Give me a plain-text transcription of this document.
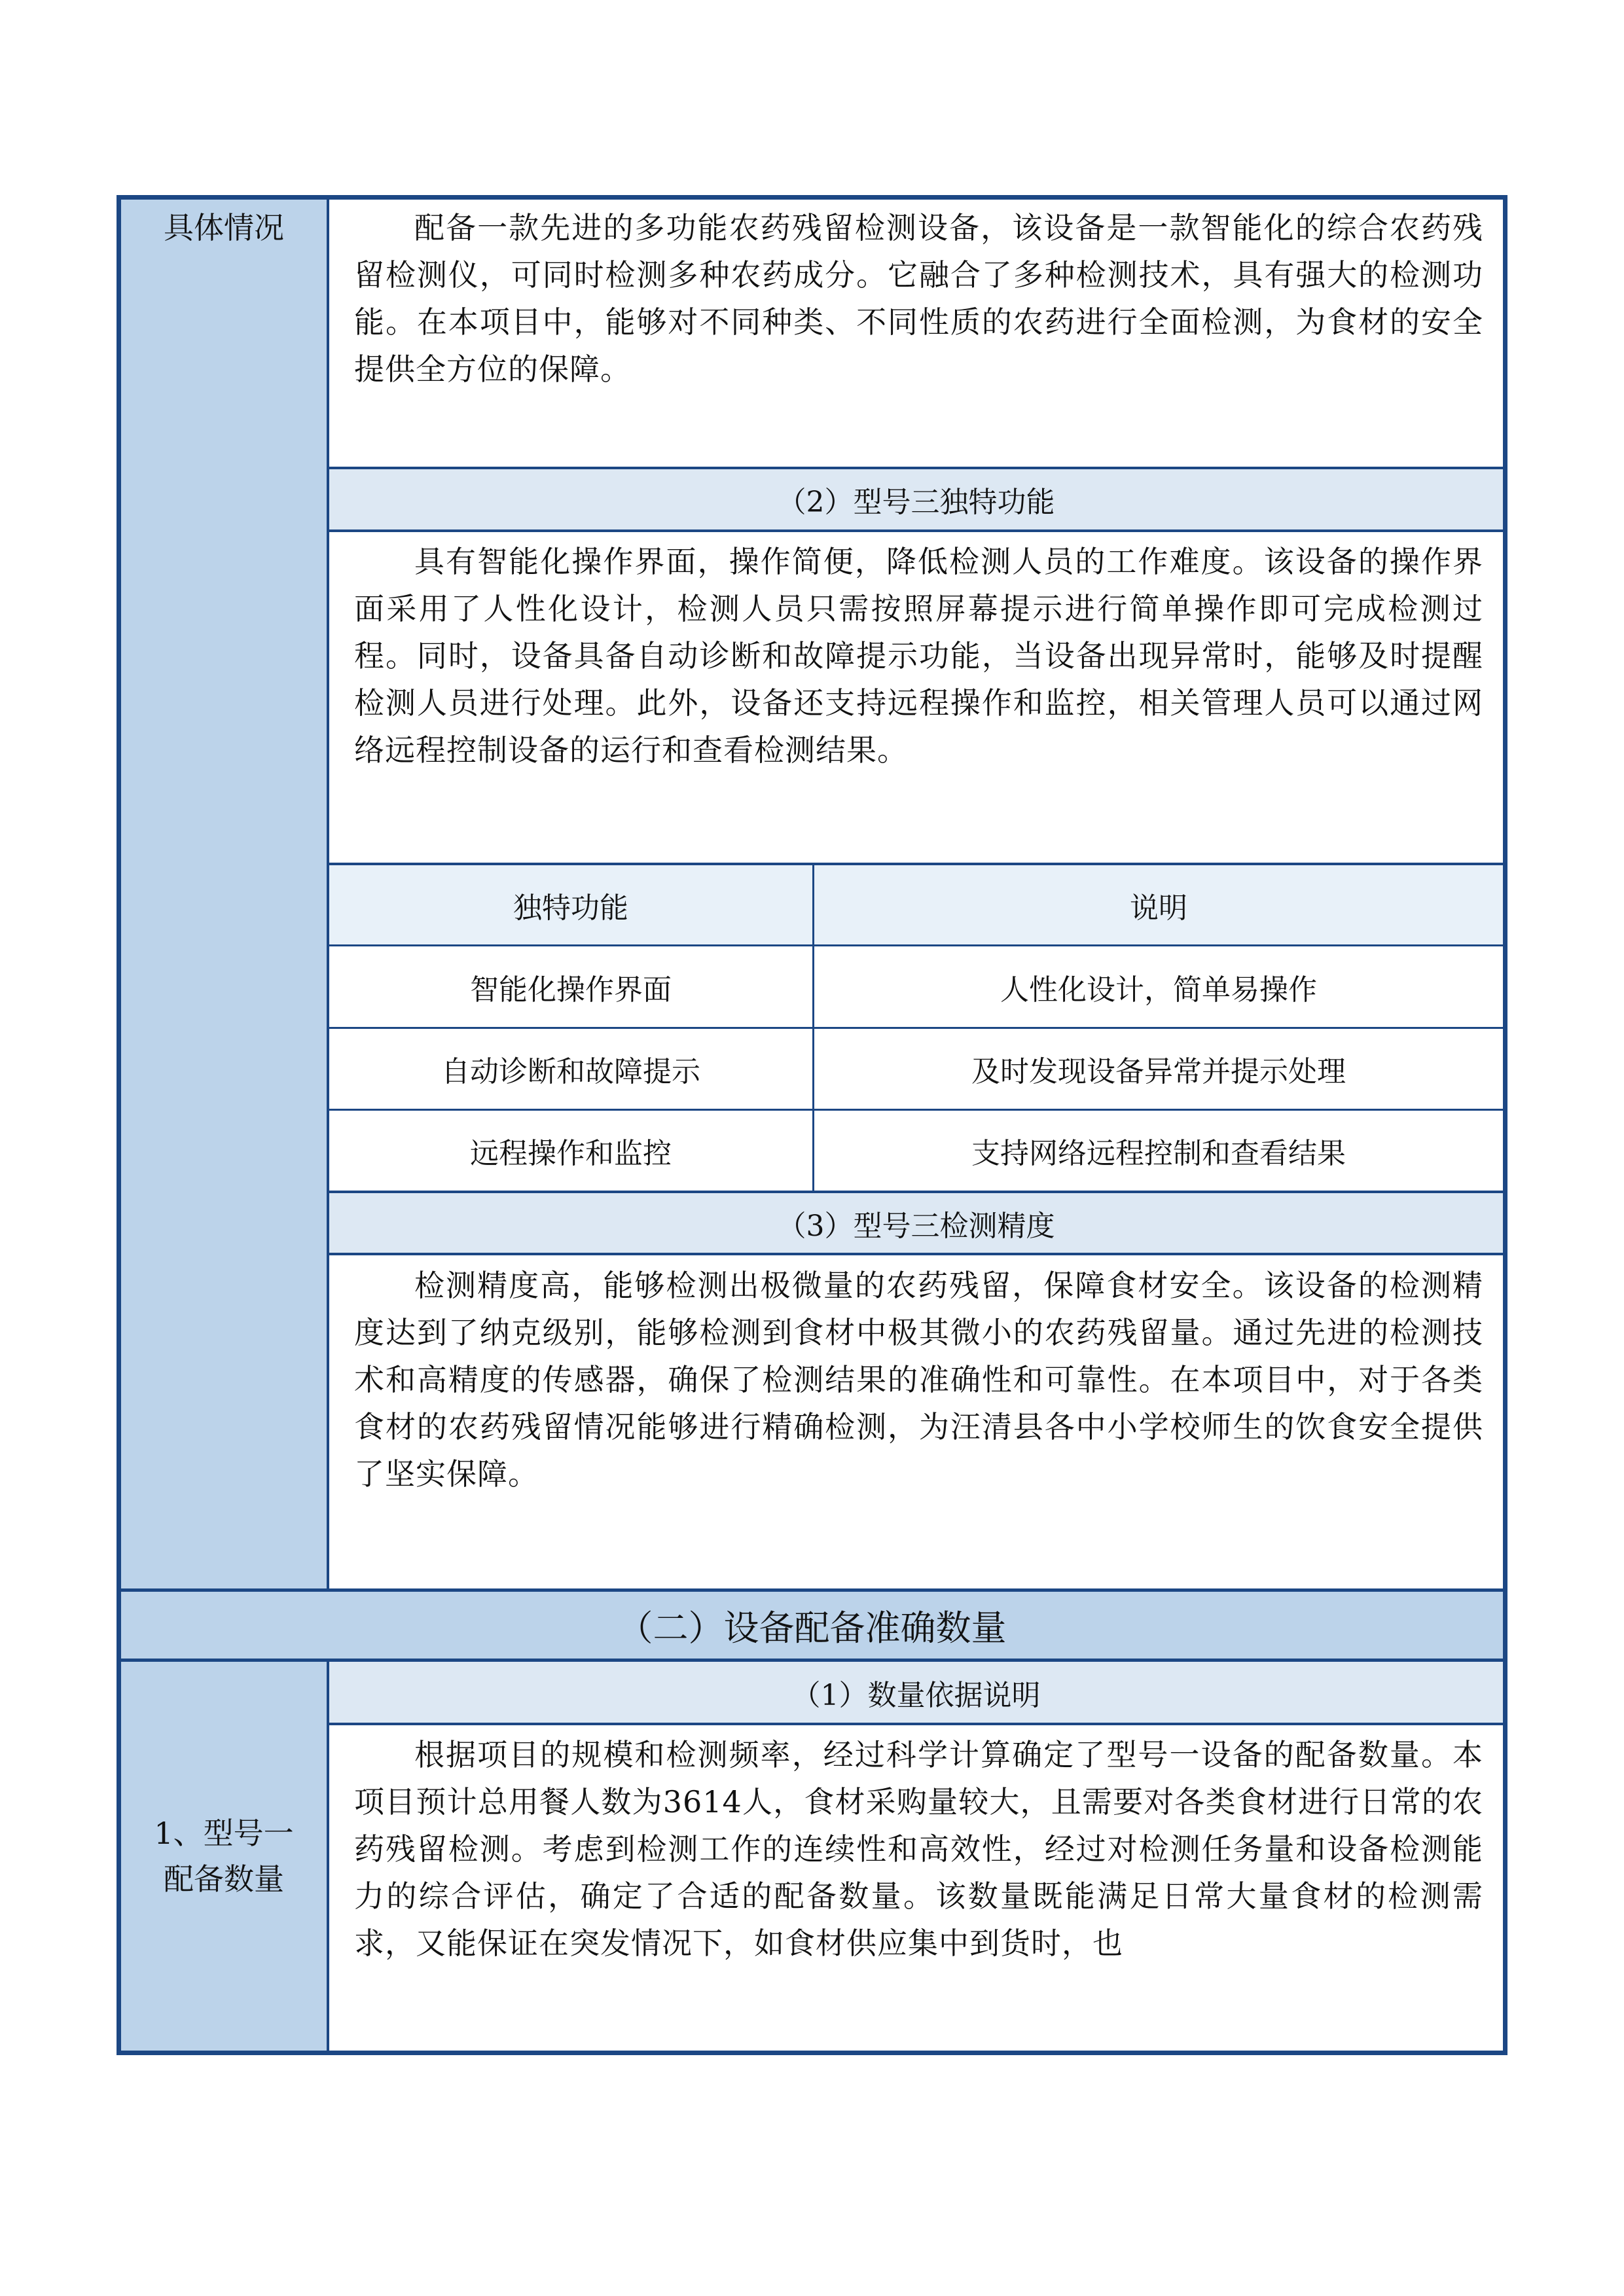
具体情况	配备一款先进的多功能农药残留检测设备，该设备是一款智能化的综合农药残留检测仪，可同时检测多种农药成分。它融合了多种检测技术，具有强大的检测功能。在本项目中，能够对不同种类、不同性质的农药进行全面检测，为食材的安全提供全方位的保障。
（2）型号三独特功能
具有智能化操作界面，操作简便，降低检测人员的工作难度。该设备的操作界面采用了人性化设计，检测人员只需按照屏幕提示进行简单操作即可完成检测过程。同时，设备具备自动诊断和故障提示功能，当设备出现异常时，能够及时提醒检测人员进行处理。此外，设备还支持远程操作和监控，相关管理人员可以通过网络远程控制设备的运行和查看检测结果。
独特功能	说明
智能化操作界面	人性化设计，简单易操作
自动诊断和故障提示	及时发现设备异常并提示处理
远程操作和监控	支持网络远程控制和查看结果
（3）型号三检测精度
检测精度高，能够检测出极微量的农药残留，保障食材安全。该设备的检测精度达到了纳克级别，能够检测到食材中极其微小的农药残留量。通过先进的检测技术和高精度的传感器，确保了检测结果的准确性和可靠性。在本项目中，对于各类食材的农药残留情况能够进行精确检测，为汪清县各中小学校师生的饮食安全提供了坚实保障。
（二）设备配备准确数量
1、型号一配备数量
（1）数量依据说明
根据项目的规模和检测频率，经过科学计算确定了型号一设备的配备数量。本项目预计总用餐人数为3614人，食材采购量较大，且需要对各类食材进行日常的农药残留检测。考虑到检测工作的连续性和高效性，经过对检测任务量和设备检测能力的综合评估，确定了合适的配备数量。该数量既能满足日常大量食材的检测需求，又能保证在突发情况下，如食材供应集中到货时，也
